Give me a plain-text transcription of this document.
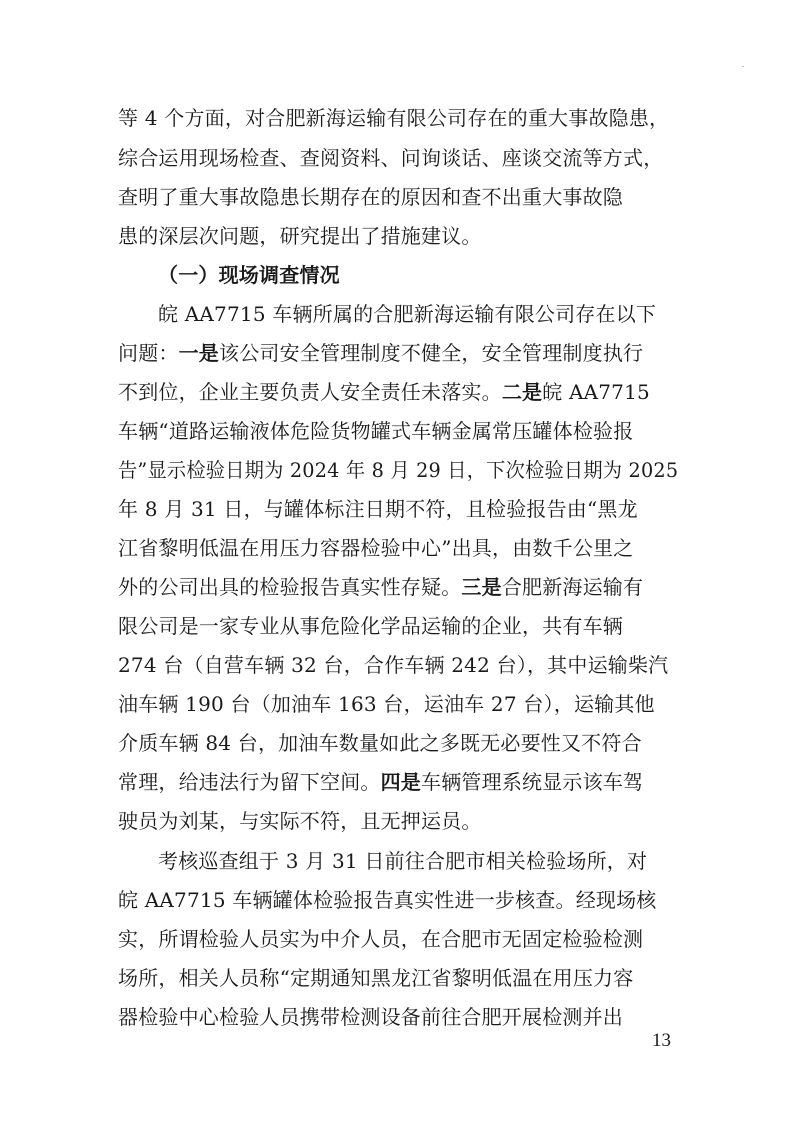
等 4 个方面，对合肥新海运输有限公司存在的重大事故隐患，
综合运用现场检查、查阅资料、问询谈话、座谈交流等方式，
查明了重大事故隐患长期存在的原因和查不出重大事故隐
患的深层次问题，研究提出了措施建议。
（一）现场调查情况
皖 AA7715 车辆所属的合肥新海运输有限公司存在以下
问题：一是该公司安全管理制度不健全，安全管理制度执行
不到位，企业主要负责人安全责任未落实。二是皖 AA7715
车辆“道路运输液体危险货物罐式车辆金属常压罐体检验报
告”显示检验日期为 2024 年 8 月 29 日，下次检验日期为 2025
年 8 月 31 日，与罐体标注日期不符，且检验报告由“黑龙
江省黎明低温在用压力容器检验中心”出具，由数千公里之
外的公司出具的检验报告真实性存疑。三是合肥新海运输有
限公司是一家专业从事危险化学品运输的企业，共有车辆
274 台（自营车辆 32 台，合作车辆 242 台），其中运输柴汽
油车辆 190 台（加油车 163 台，运油车 27 台），运输其他
介质车辆 84 台，加油车数量如此之多既无必要性又不符合
常理，给违法行为留下空间。四是车辆管理系统显示该车驾
驶员为刘某，与实际不符，且无押运员。
考核巡查组于 3 月 31 日前往合肥市相关检验场所，对
皖 AA7715 车辆罐体检验报告真实性进一步核查。经现场核
实，所谓检验人员实为中介人员，在合肥市无固定检验检测
场所，相关人员称“定期通知黑龙江省黎明低温在用压力容
器检验中心检验人员携带检测设备前往合肥开展检测并出
13
